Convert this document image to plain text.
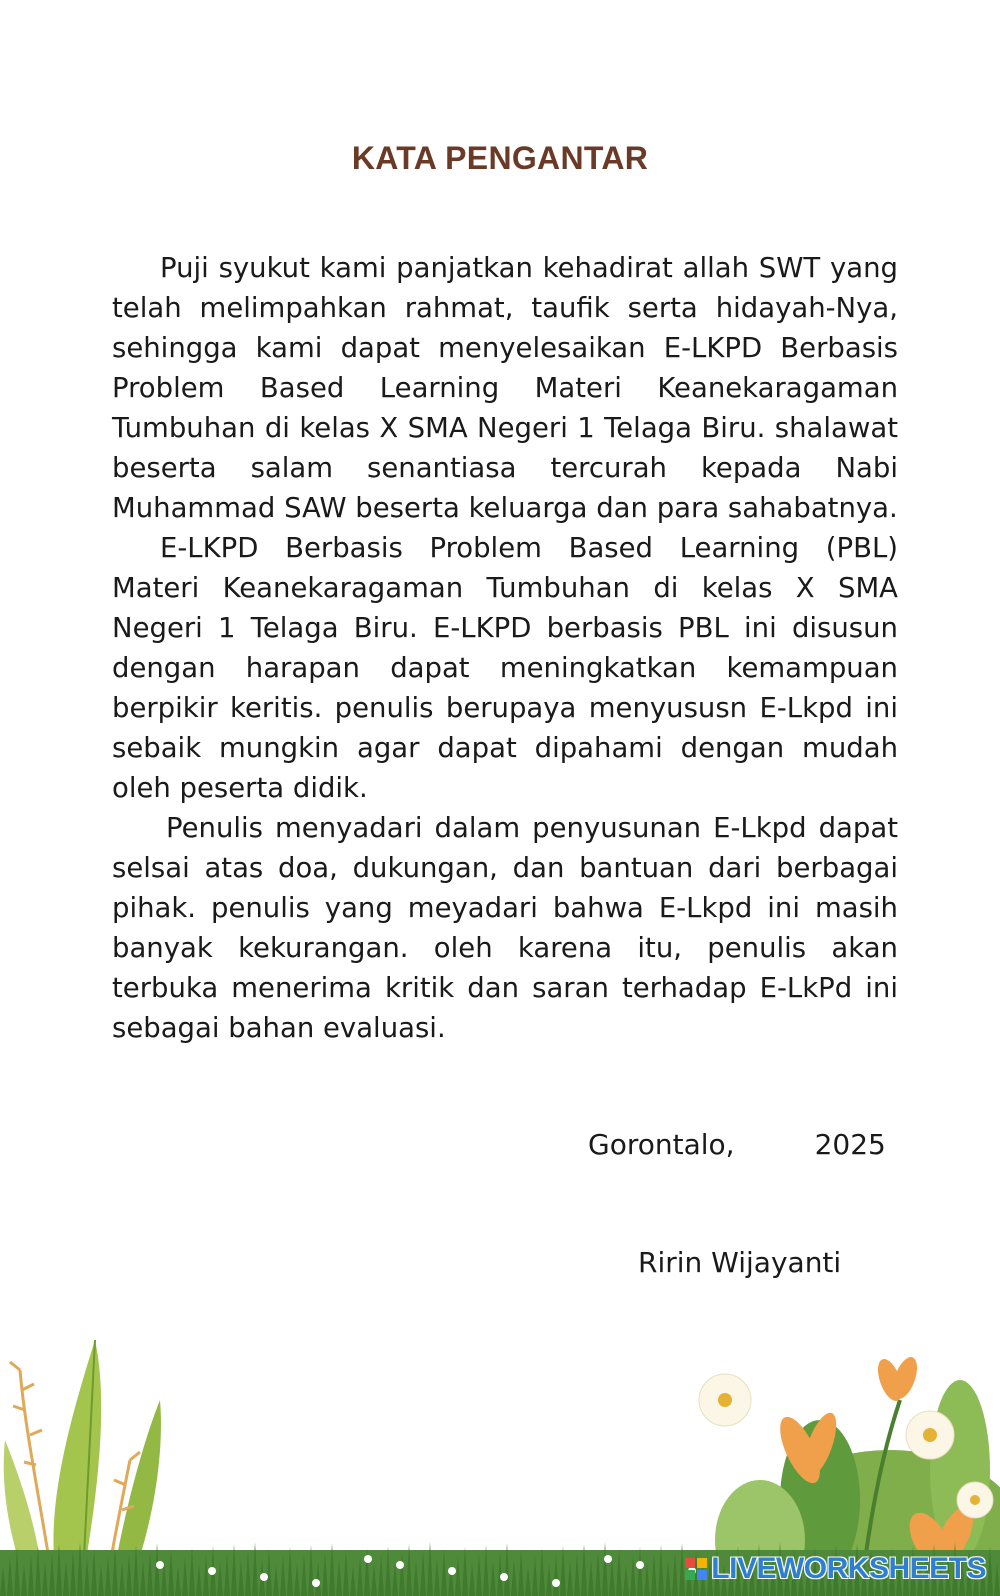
KATA PENGANTAR

Puji syukut kami panjatkan kehadirat allah SWT yang telah melimpahkan rahmat, taufik serta hidayah-Nya, sehingga kami dapat menyelesaikan E-LKPD Berbasis Problem Based Learning Materi Keanekaragaman Tumbuhan di kelas X SMA Negeri 1 Telaga Biru. shalawat beserta salam senantiasa tercurah kepada Nabi Muhammad SAW beserta keluarga dan para sahabatnya.

E-LKPD Berbasis Problem Based Learning (PBL) Materi Keanekaragaman Tumbuhan di kelas X SMA Negeri 1 Telaga Biru. E-LKPD berbasis PBL ini disusun dengan harapan dapat meningkatkan kemampuan berpikir keritis. penulis berupaya menyususn E-Lkpd ini sebaik mungkin agar dapat dipahami dengan mudah oleh peserta didik.

Penulis menyadari dalam penyusunan E-Lkpd dapat selsai atas doa, dukungan, dan bantuan dari berbagai pihak. penulis yang meyadari bahwa E-Lkpd ini masih banyak kekurangan. oleh karena itu, penulis akan terbuka menerima kritik dan saran terhadap E-LkPd ini sebagai bahan evaluasi.

Gorontalo,	2025
Ririn Wijayanti
LIVEWORKSHEETS
